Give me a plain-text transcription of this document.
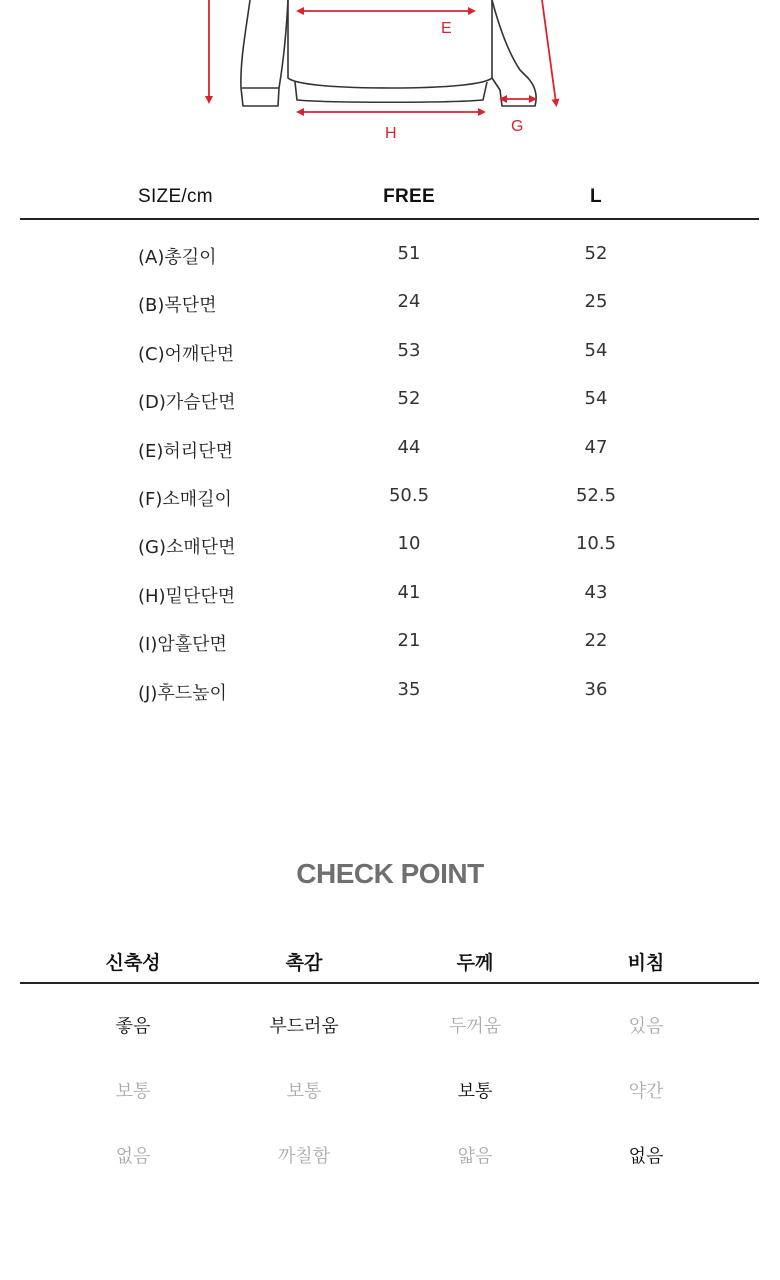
E
H	G
SIZE/cm	FREE	L
(A)총길이	51	52
(B)목단면	24	25
(C)어깨단면	53	54
(D)가슴단면	52	54
(E)허리단면	44	47
(F)소매길이	50.5	52.5
(G)소매단면	10	10.5
(H)밑단단면	41	43
(I)암홀단면	21	22
(J)후드높이	35	36
CHECK POINT
신축성	촉감	두께	비침
좋음	부드러움	두꺼움	있음
보통	보통	보통	약간
없음	까칠함	얇음	없음
